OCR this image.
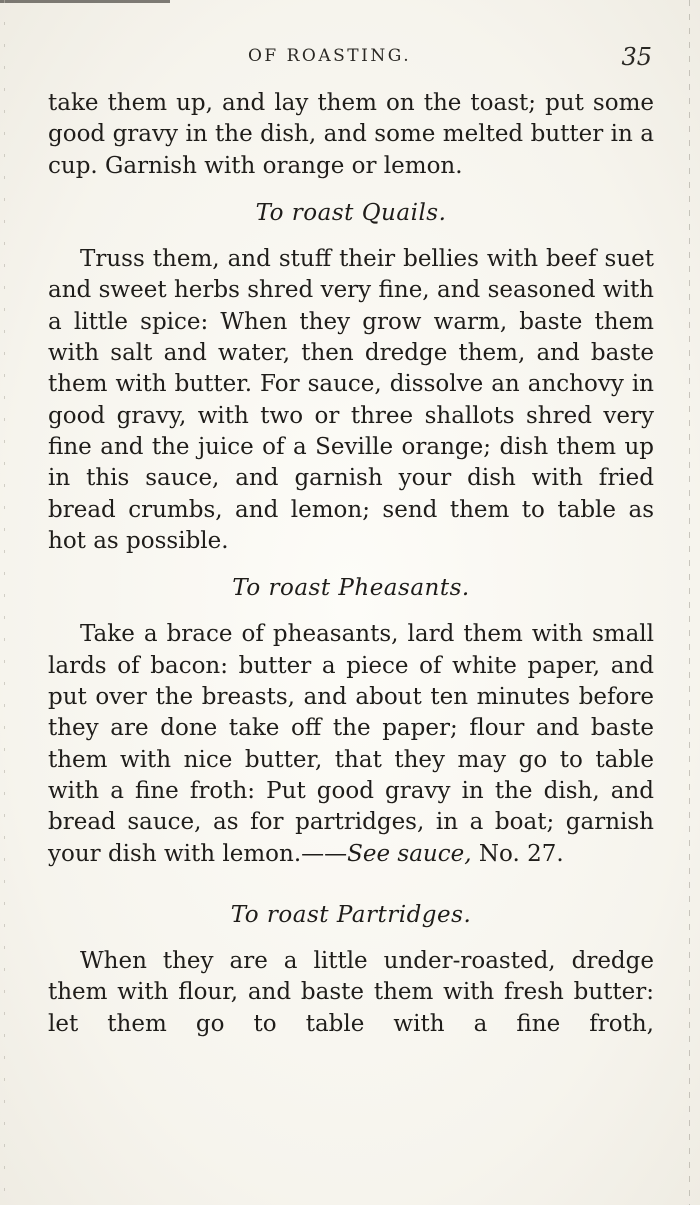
OF ROASTING.	35

take them up, and lay them on the toast; put some good gravy in the dish, and some melted butter in a cup. Garnish with orange or lemon.

To roast Quails.

Truss them, and stuff their bellies with beef suet and sweet herbs shred very fine, and seasoned with a little spice: When they grow warm, baste them with salt and water, then dredge them, and baste them with butter. For sauce, dissolve an anchovy in good gravy, with two or three shallots shred very fine and the juice of a Seville orange; dish them up in this sauce, and garnish your dish with fried bread crumbs, and lemon; send them to table as hot as possible.

To roast Pheasants.

Take a brace of pheasants, lard them with small lards of bacon: butter a piece of white paper, and put over the breasts, and about ten minutes before they are done take off the paper; flour and baste them with nice butter, that they may go to table with a fine froth: Put good gravy in the dish, and bread sauce, as for partridges, in a boat; garnish your dish with lemon.——See sauce, No. 27.

To roast Partridges.

When they are a little under-roasted, dredge them with flour, and baste them with fresh butter: let them go to table with a fine froth,
